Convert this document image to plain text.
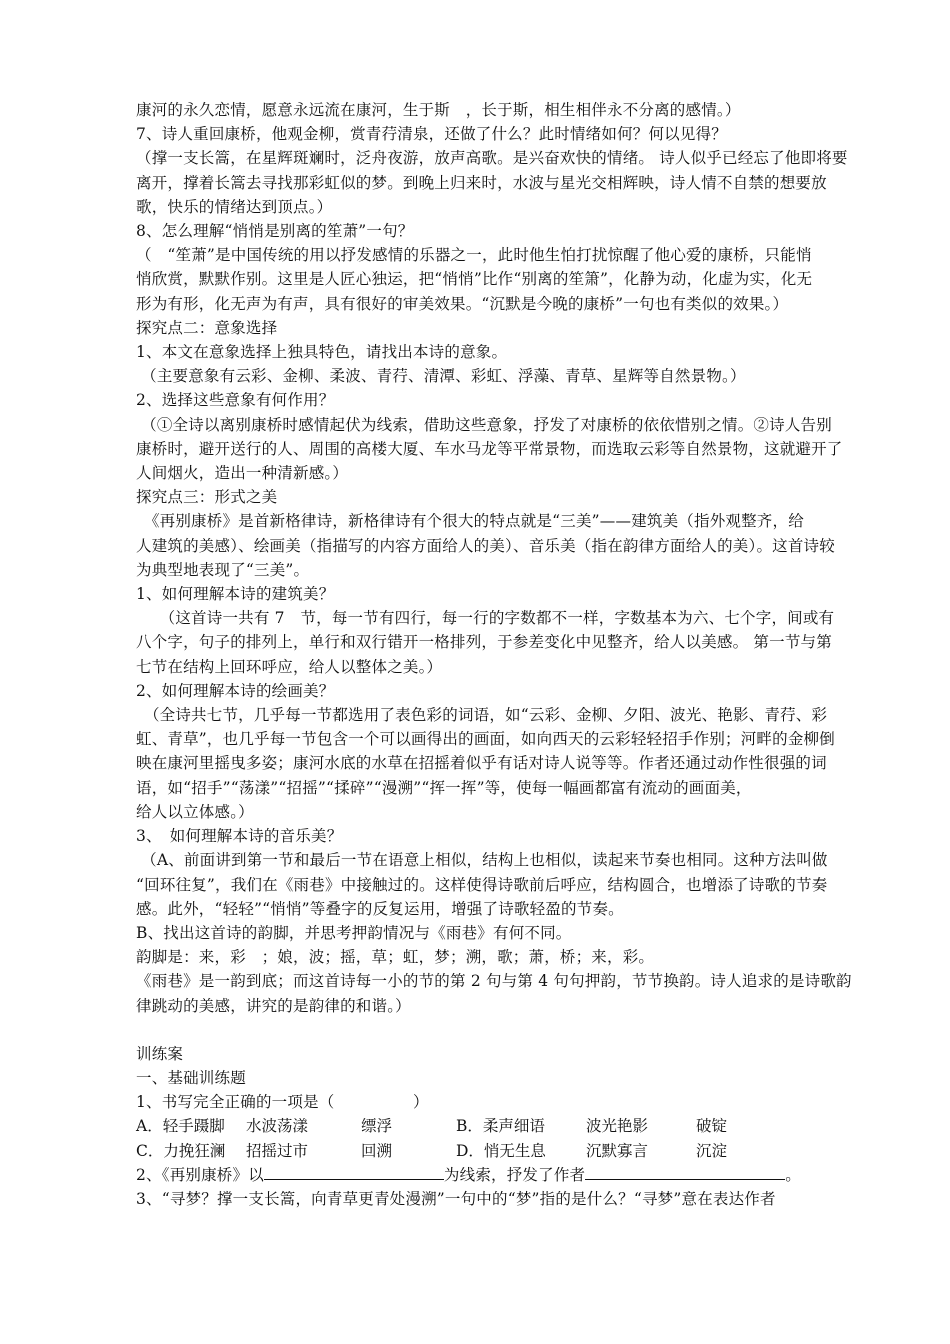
康河的永久恋情，愿意永远流在康河，生于斯　，长于斯，相生相伴永不分离的感情。）

7、诗人重回康桥，他观金柳，赏青荇清泉，还做了什么？此时情绪如何？何以见得？

（撑一支长篙，在星辉斑斓时，泛舟夜游，放声高歌。是兴奋欢快的情绪。 诗人似乎已经忘了他即将要

离开，撑着长篙去寻找那彩虹似的梦。到晚上归来时，水波与星光交相辉映，诗人情不自禁的想要放

歌，快乐的情绪达到顶点。）

8、怎么理解“悄悄是别离的笙萧”一句？

（　“笙萧”是中国传统的用以抒发感情的乐器之一，此时他生怕打扰惊醒了他心爱的康桥，只能悄

悄欣赏，默默作别。这里是人匠心独运，把“悄悄”比作“别离的笙箫”，化静为动，化虚为实，化无

形为有形，化无声为有声，具有很好的审美效果。“沉默是今晚的康桥”一句也有类似的效果。）

探究点二：意象选择

1、本文在意象选择上独具特色，请找出本诗的意象。

（主要意象有云彩、金柳、柔波、青荇、清潭、彩虹、浮藻、青草、星辉等自然景物。）

2、选择这些意象有何作用？

（①全诗以离别康桥时感情起伏为线索，借助这些意象，抒发了对康桥的依依惜别之情。②诗人告别

康桥时，避开送行的人、周围的高楼大厦、车水马龙等平常景物，而选取云彩等自然景物，这就避开了

人间烟火，造出一种清新感。）

探究点三：形式之美

　《再别康桥》是首新格律诗，新格律诗有个很大的特点就是“三美”——建筑美（指外观整齐，给

人建筑的美感）、绘画美（指描写的内容方面给人的美）、音乐美（指在韵律方面给人的美）。这首诗较

为典型地表现了“三美”。

1、如何理解本诗的建筑美？

　　（这首诗一共有 7　节，每一节有四行，每一行的字数都不一样，字数基本为六、七个字，间或有

八个字，句子的排列上，单行和双行错开一格排列，于参差变化中见整齐，给人以美感。 第一节与第

七节在结构上回环呼应，给人以整体之美。）

2、如何理解本诗的绘画美？

　（全诗共七节，几乎每一节都选用了表色彩的词语，如“云彩、金柳、夕阳、波光、艳影、青荇、彩

虹、青草”，也几乎每一节包含一个可以画得出的画面，如向西天的云彩轻轻招手作别；河畔的金柳倒

映在康河里摇曳多姿；康河水底的水草在招摇着似乎有话对诗人说等等。作者还通过动作性很强的词

语，如“招手”“荡漾”“招摇”“揉碎”“漫溯”“挥一挥”等，使每一幅画都富有流动的画面美，

给人以立体感。）

3、　如何理解本诗的音乐美？

（A、前面讲到第一节和最后一节在语意上相似，结构上也相似，读起来节奏也相同。这种方法叫做

“回环往复”，我们在《雨巷》中接触过的。这样使得诗歌前后呼应，结构圆合，也增添了诗歌的节奏

感。此外，“轻轻”“悄悄”等叠字的反复运用，增强了诗歌轻盈的节奏。

B、找出这首诗的韵脚，并思考押韵情况与《雨巷》有何不同。

韵脚是：来，彩　；娘，波；摇，草；虹，梦；溯，歌；萧，桥；来，彩。

《雨巷》是一韵到底；而这首诗每一小的节的第 2 句与第 4 句句押韵，节节换韵。诗人追求的是诗歌韵

律跳动的美感，讲究的是韵律的和谐。）

训练案

一、基础训练题

1、书写完全正确的一项是（　　　　　）

A．轻手蹑脚	水波荡漾	缥浮	B．柔声细语	波光艳影	破锭
C．力挽狂澜	招摇过市	回溯	D．悄无生息	沉默寡言	沉淀

2、《再别康桥》以	为线索，抒发了作者	。

3、“寻梦？撑一支长篙，向青草更青处漫溯”一句中的“梦”指的是什么？“寻梦”意在表达作者
